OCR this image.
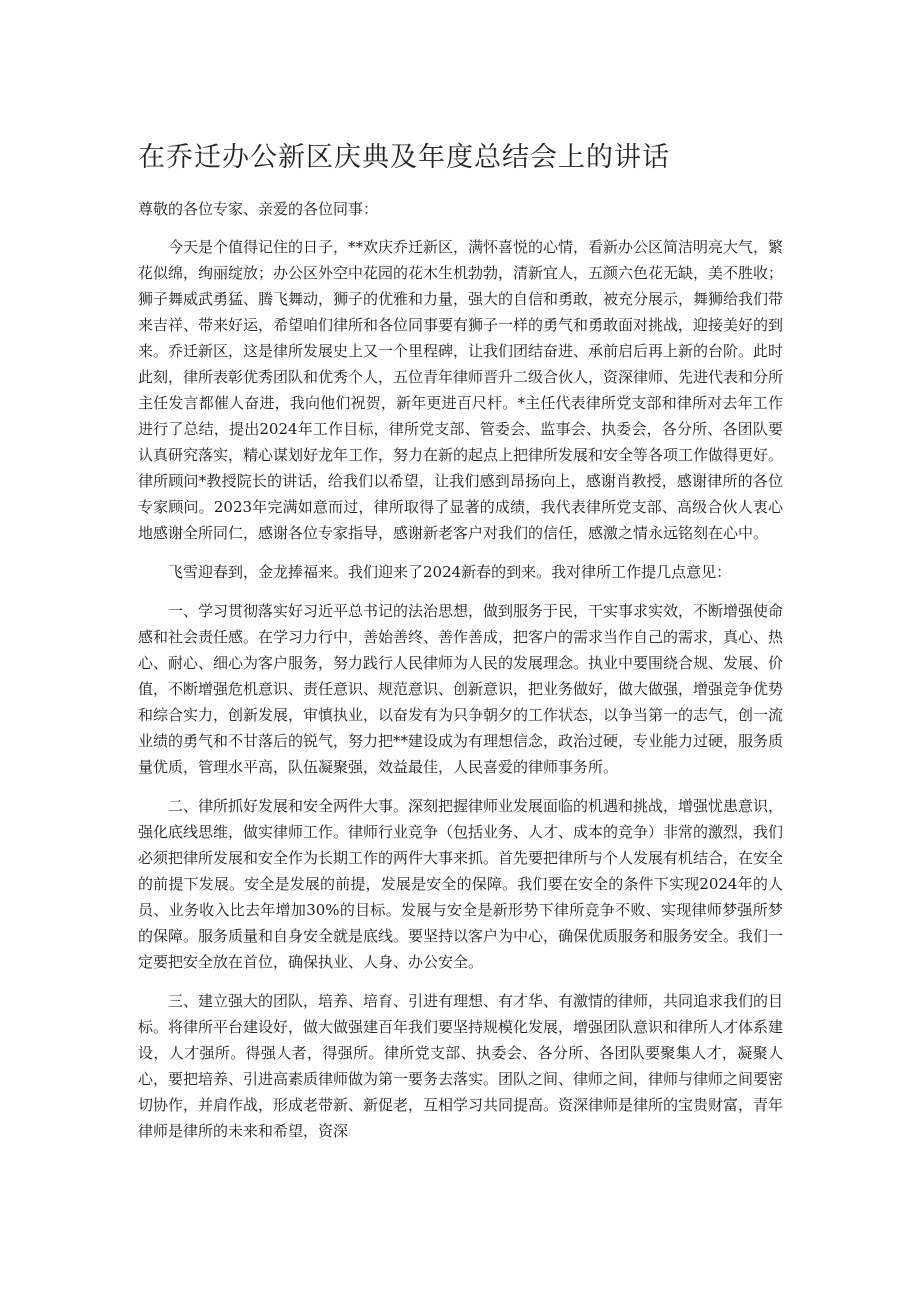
在乔迁办公新区庆典及年度总结会上的讲话

尊敬的各位专家、亲爱的各位同事：

今天是个值得记住的日子，**欢庆乔迁新区，满怀喜悦的心情，看新办公区简洁明亮大气，繁花似绵，绚丽绽放；办公区外空中花园的花木生机勃勃，清新宜人，五颜六色花无缺，美不胜收；狮子舞威武勇猛、腾飞舞动，狮子的优雅和力量，强大的自信和勇敢，被充分展示，舞狮给我们带来吉祥、带来好运，希望咱们律所和各位同事要有狮子一样的勇气和勇敢面对挑战，迎接美好的到来。乔迁新区，这是律所发展史上又一个里程碑，让我们团结奋进、承前启后再上新的台阶。此时此刻，律所表彰优秀团队和优秀个人，五位青年律师晋升二级合伙人，资深律师、先进代表和分所主任发言都催人奋进，我向他们祝贺，新年更进百尺杆。*主任代表律所党支部和律所对去年工作进行了总结，提出2024年工作目标，律所党支部、管委会、监事会、执委会，各分所、各团队要认真研究落实，精心谋划好龙年工作，努力在新的起点上把律所发展和安全等各项工作做得更好。律所顾问*教授院长的讲话，给我们以希望，让我们感到昂扬向上，感谢肖教授，感谢律所的各位专家顾问。2023年完满如意而过，律所取得了显著的成绩，我代表律所党支部、高级合伙人衷心地感谢全所同仁，感谢各位专家指导，感谢新老客户对我们的信任，感激之情永远铭刻在心中。

飞雪迎春到，金龙捧福来。我们迎来了2024新春的到来。我对律所工作提几点意见：

一、学习贯彻落实好习近平总书记的法治思想，做到服务于民，干实事求实效，不断增强使命感和社会责任感。在学习力行中，善始善终、善作善成，把客户的需求当作自己的需求，真心、热心、耐心、细心为客户服务，努力践行人民律师为人民的发展理念。执业中要围绕合规、发展、价值，不断增强危机意识、责任意识、规范意识、创新意识，把业务做好，做大做强，增强竞争优势和综合实力，创新发展，审慎执业，以奋发有为只争朝夕的工作状态，以争当第一的志气，创一流业绩的勇气和不甘落后的锐气，努力把**建设成为有理想信念，政治过硬，专业能力过硬，服务质量优质，管理水平高，队伍凝聚强，效益最佳，人民喜爱的律师事务所。

二、律所抓好发展和安全两件大事。深刻把握律师业发展面临的机遇和挑战，增强忧患意识，强化底线思维，做实律师工作。律师行业竞争（包括业务、人才、成本的竞争）非常的激烈，我们必须把律所发展和安全作为长期工作的两件大事来抓。首先要把律所与个人发展有机结合，在安全的前提下发展。安全是发展的前提，发展是安全的保障。我们要在安全的条件下实现2024年的人员、业务收入比去年增加30%的目标。发展与安全是新形势下律所竞争不败、实现律师梦强所梦的保障。服务质量和自身安全就是底线。要坚持以客户为中心，确保优质服务和服务安全。我们一定要把安全放在首位，确保执业、人身、办公安全。

三、建立强大的团队，培养、培育、引进有理想、有才华、有激情的律师，共同追求我们的目标。将律所平台建设好，做大做强建百年我们要坚持规模化发展，增强团队意识和律所人才体系建设，人才强所。得强人者，得强所。律所党支部、执委会、各分所、各团队要聚集人才，凝聚人心，要把培养、引进高素质律师做为第一要务去落实。团队之间、律师之间，律师与律师之间要密切协作，并肩作战，形成老带新、新促老，互相学习共同提高。资深律师是律所的宝贵财富，青年律师是律所的未来和希望，资深
